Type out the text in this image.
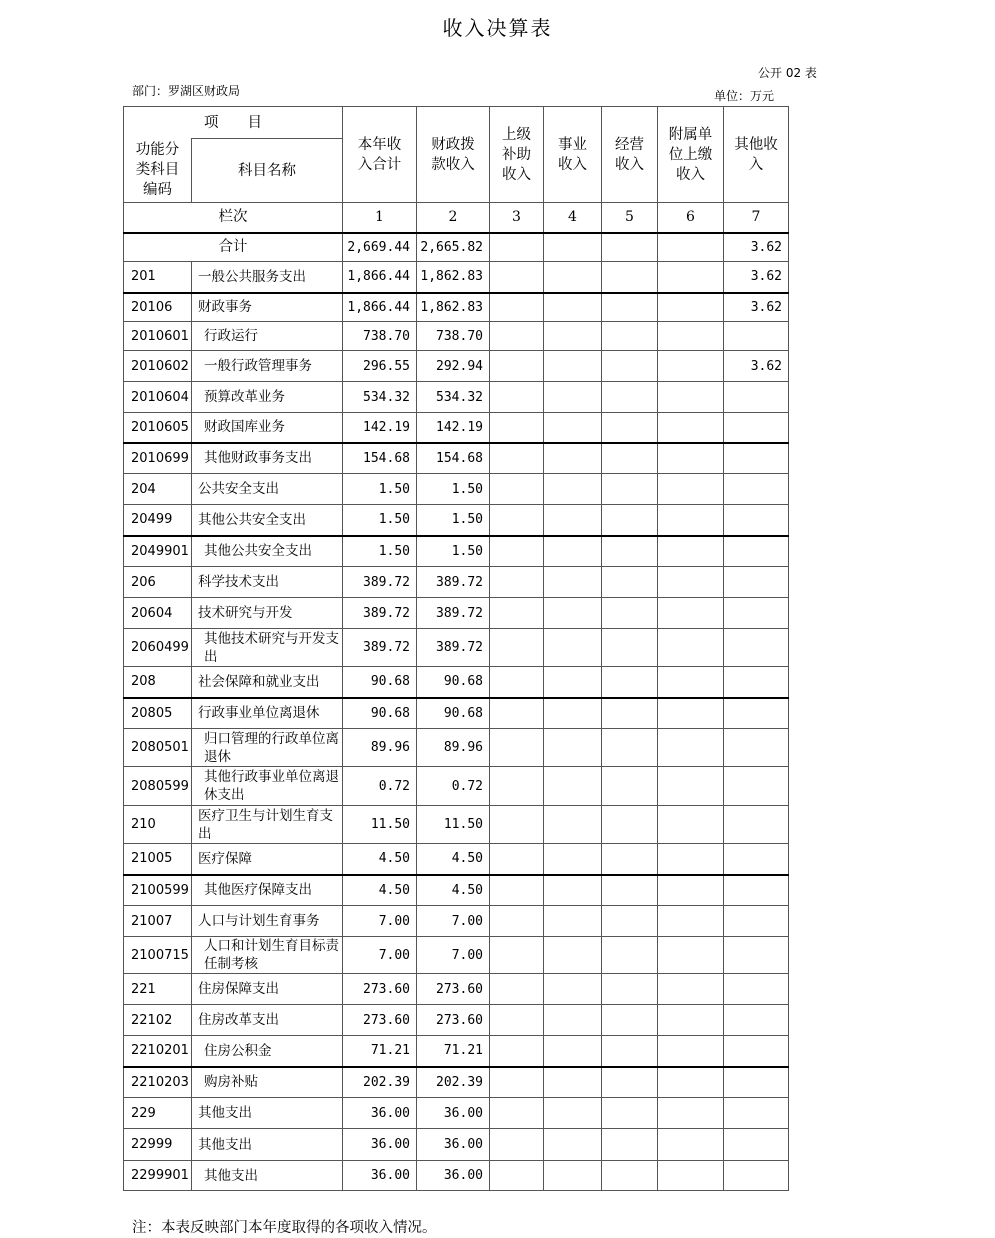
收入决算表
公开 02 表
部门：罗湖区财政局	单位：万元
项　　目		本年收入合计	财政拨款收入	上级补助收入	事业收入	经营收入	附属单位上缴收入	其他收入

功能分类科目编码	科目名称							
栏次		1	2	3	4	5	6	7
合计		2,669.44	2,665.82					3.62
201	一般公共服务支出	1,866.44	1,862.83					3.62
20106	财政事务	1,866.44	1,862.83					3.62
2010601	行政运行	738.70	738.70					
2010602	一般行政管理事务	296.55	292.94					3.62
2010604	预算改革业务	534.32	534.32					
2010605	财政国库业务	142.19	142.19					
2010699	其他财政事务支出	154.68	154.68					
204	公共安全支出	1.50	1.50					
20499	其他公共安全支出	1.50	1.50					
2049901	其他公共安全支出	1.50	1.50					
206	科学技术支出	389.72	389.72					
20604	技术研究与开发	389.72	389.72					
2060499	其他技术研究与开发支出	389.72	389.72					
208	社会保障和就业支出	90.68	90.68					
20805	行政事业单位离退休	90.68	90.68					
2080501	归口管理的行政单位离退休	89.96	89.96					
2080599	其他行政事业单位离退休支出	0.72	0.72					
210	医疗卫生与计划生育支出	11.50	11.50					
21005	医疗保障	4.50	4.50					
2100599	其他医疗保障支出	4.50	4.50					
21007	人口与计划生育事务	7.00	7.00					
2100715	人口和计划生育目标责任制考核	7.00	7.00					
221	住房保障支出	273.60	273.60					
22102	住房改革支出	273.60	273.60					
2210201	住房公积金	71.21	71.21					
2210203	购房补贴	202.39	202.39					
229	其他支出	36.00	36.00					
22999	其他支出	36.00	36.00					
2299901	其他支出	36.00	36.00					
注：本表反映部门本年度取得的各项收入情况。
